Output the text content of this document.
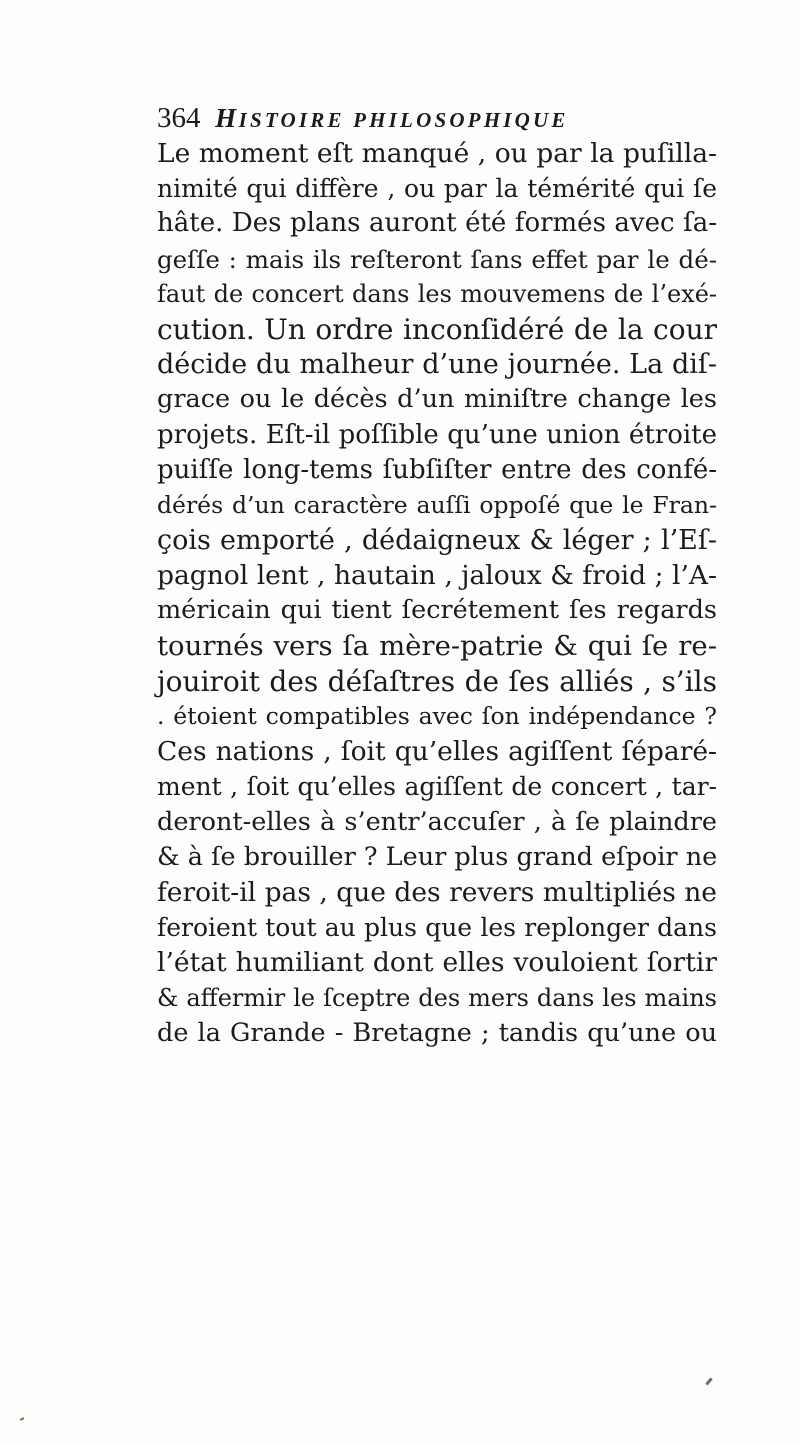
364 HISTOIRE PHILOSOPHIQUE
Le moment eſt manqué , ou par la puſilla-
nimité qui diffère , ou par la témérité qui ſe
hâte. Des plans auront été formés avec ſa-
geſſe : mais ils reſteront ſans effet par le dé-
faut de concert dans les mouvemens de l’exé-
cution. Un ordre inconſidéré de la cour
décide du malheur d’une journée. La diſ-
grace ou le décès d’un miniſtre change les
projets. Eſt-il poſſible qu’une union étroite
puiſſe long-tems ſubſiſter entre des confé-
dérés d’un caractère auſſi oppoſé que le Fran-
çois emporté , dédaigneux & léger ; l’Eſ-
pagnol lent , hautain , jaloux & froid ; l’A-
méricain qui tient ſecrétement ſes regards
tournés vers ſa mère-patrie & qui ſe re-
jouiroit des déſaſtres de ſes alliés , s’ils
. étoient compatibles avec ſon indépendance ?
Ces nations , ſoit qu’elles agiſſent ſéparé-
ment , ſoit qu’elles agiſſent de concert , tar-
deront-elles à s’entr’accuſer , à ſe plaindre
& à ſe brouiller ? Leur plus grand eſpoir ne
feroit-il pas , que des revers multipliés ne
feroient tout au plus que les replonger dans
l’état humiliant dont elles vouloient ſortir
& affermir le ſceptre des mers dans les mains
de la Grande - Bretagne ; tandis qu’une ou
